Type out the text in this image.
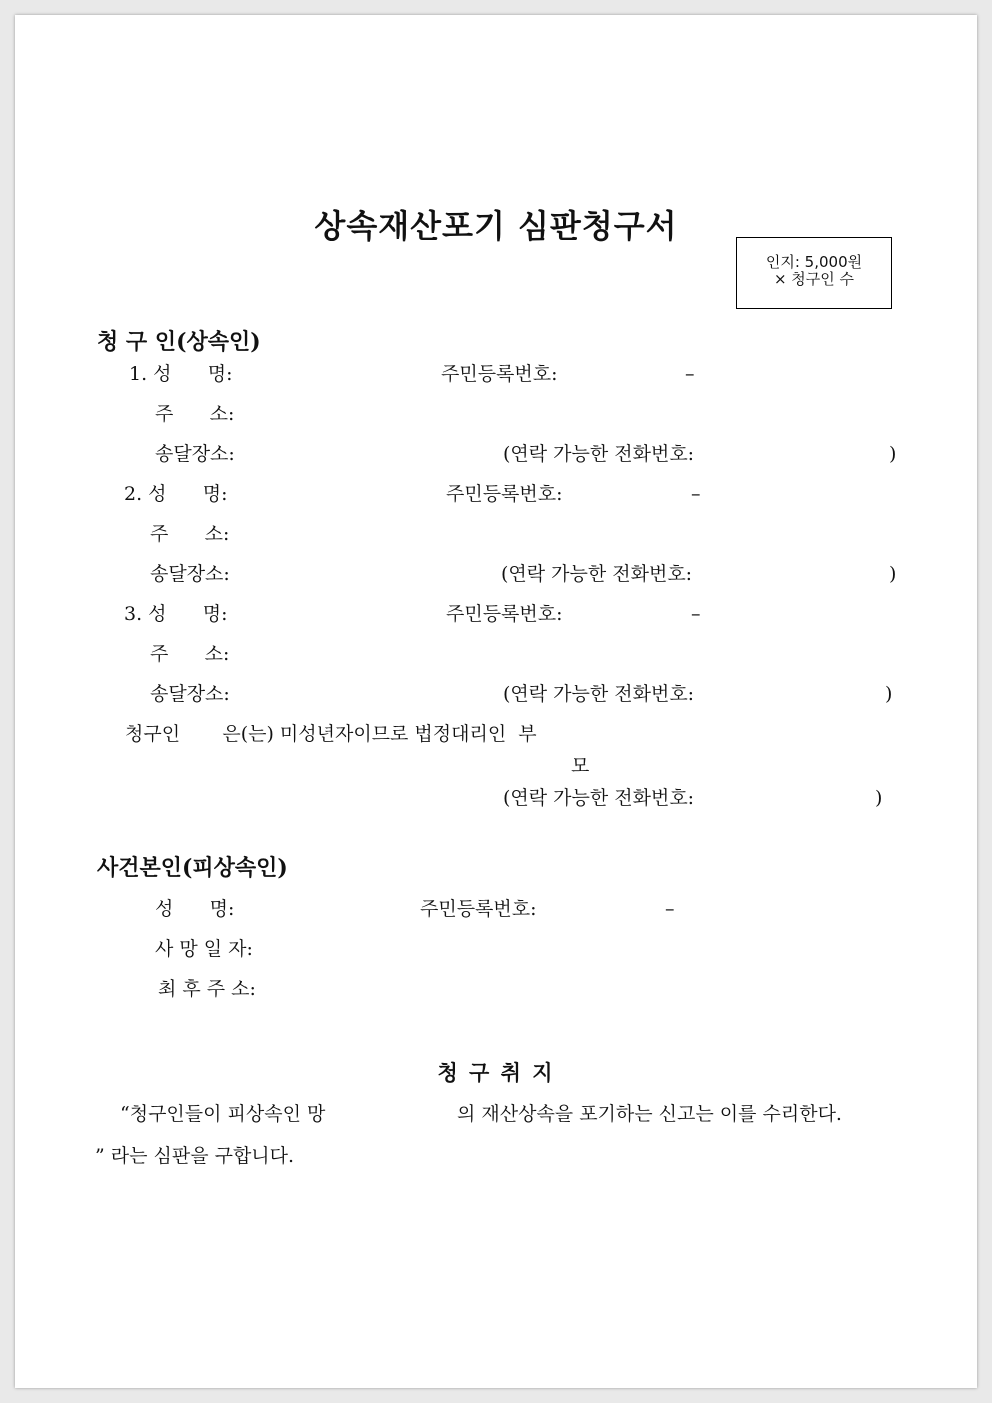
상속재산포기 심판청구서
인지: 5,000원
× 청구인 수
청 구 인(상속인)
1. 성      명:	주민등록번호:	–
주      소:
송달장소:	(연락 가능한 전화번호:	)
2. 성      명:	주민등록번호:	–
주      소:
송달장소:	(연락 가능한 전화번호:	)
3. 성      명:	주민등록번호:	–
주      소:
송달장소:	(연락 가능한 전화번호:	)
청구인       은(는) 미성년자이므로 법정대리인  부
모
(연락 가능한 전화번호:	)
사건본인(피상속인)
성      명:	주민등록번호:	–
사 망 일 자:
최 후 주 소:
청 구 취 지
“청구인들이 피상속인 망	의 재산상속을 포기하는 신고는 이를 수리한다.
” 라는 심판을 구합니다.
